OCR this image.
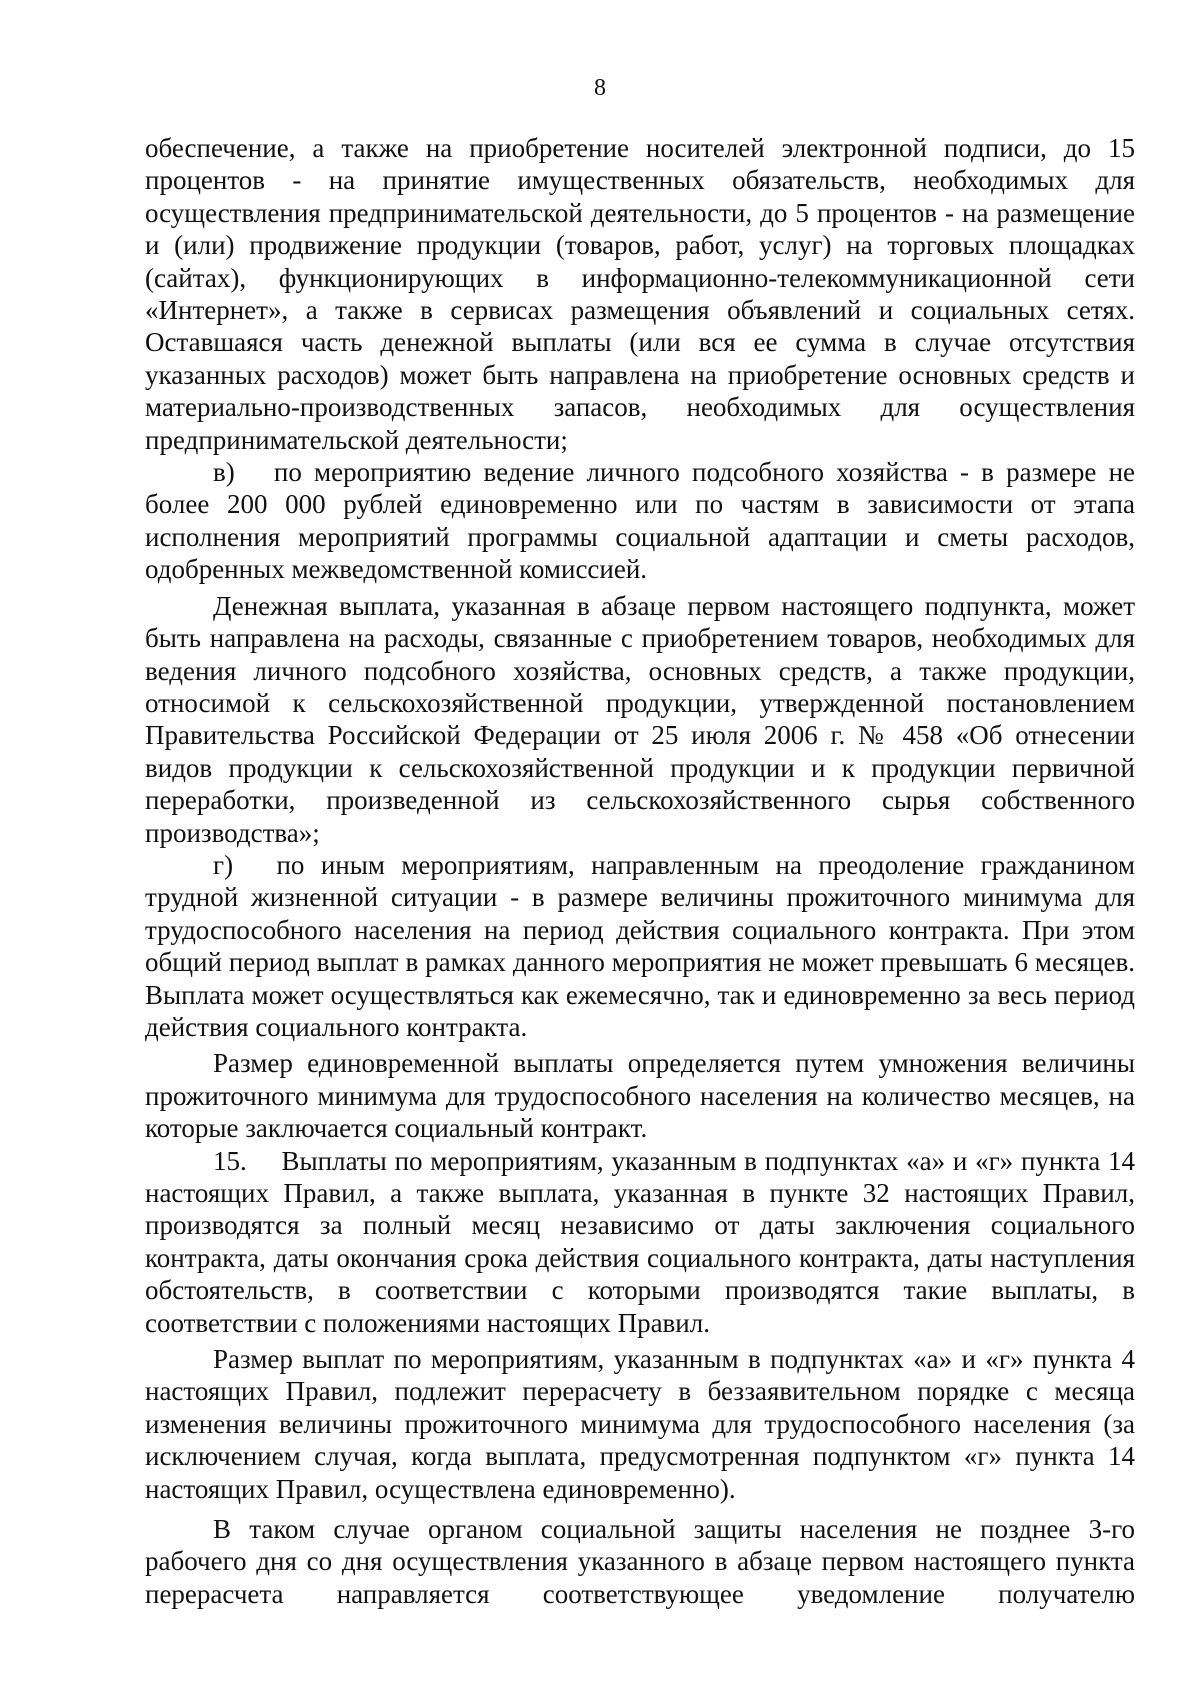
8

обеспечение, а также на приобретение носителей электронной подписи, до 15 процентов - на принятие имущественных обязательств, необходимых для осуществления предпринимательской деятельности, до 5 процентов - на размещение и (или) продвижение продукции (товаров, работ, услуг) на торговых площадках (сайтах), функционирующих в информационно-телекоммуникационной сети «Интернет», а также в сервисах размещения объявлений и социальных сетях. Оставшаяся часть денежной выплаты (или вся ее сумма в случае отсутствия указанных расходов) может быть направлена на приобретение основных средств и материально-производственных запасов, необходимых для осуществления предпринимательской деятельности;

в)  по мероприятию ведение личного подсобного хозяйства - в размере не более 200 000 рублей единовременно или по частям в зависимости от этапа исполнения мероприятий программы социальной адаптации и сметы расходов, одобренных межведомственной комиссией.

Денежная выплата, указанная в абзаце первом настоящего подпункта, может быть направлена на расходы, связанные с приобретением товаров, необходимых для ведения личного подсобного хозяйства, основных средств, а также продукции, относимой к сельскохозяйственной продукции, утвержденной постановлением Правительства Российской Федерации от 25 июля 2006 г. № 458 «Об отнесении видов продукции к сельскохозяйственной продукции и к продукции первичной переработки, произведенной из сельскохозяйственного сырья собственного производства»;

г)  по иным мероприятиям, направленным на преодоление гражданином трудной жизненной ситуации - в размере величины прожиточного минимума для трудоспособного населения на период действия социального контракта. При этом общий период выплат в рамках данного мероприятия не может превышать 6 месяцев. Выплата может осуществляться как ежемесячно, так и единовременно за весь период действия социального контракта.

Размер единовременной выплаты определяется путем умножения величины прожиточного минимума для трудоспособного населения на количество месяцев, на которые заключается социальный контракт.

15.  Выплаты по мероприятиям, указанным в подпунктах «а» и «г» пункта 14 настоящих Правил, а также выплата, указанная в пункте 32 настоящих Правил, производятся за полный месяц независимо от даты заключения социального контракта, даты окончания срока действия социального контракта, даты наступления обстоятельств, в соответствии с которыми производятся такие выплаты, в соответствии с положениями настоящих Правил.

Размер выплат по мероприятиям, указанным в подпунктах «а» и «г» пункта 4 настоящих Правил, подлежит перерасчету в беззаявительном порядке с месяца изменения величины прожиточного минимума для трудоспособного населения (за исключением случая, когда выплата, предусмотренная подпунктом «г» пункта 14 настоящих Правил, осуществлена единовременно).

В таком случае органом социальной защиты населения не позднее 3-го рабочего дня со дня осуществления указанного в абзаце первом настоящего пункта перерасчета направляется соответствующее уведомление получателю
